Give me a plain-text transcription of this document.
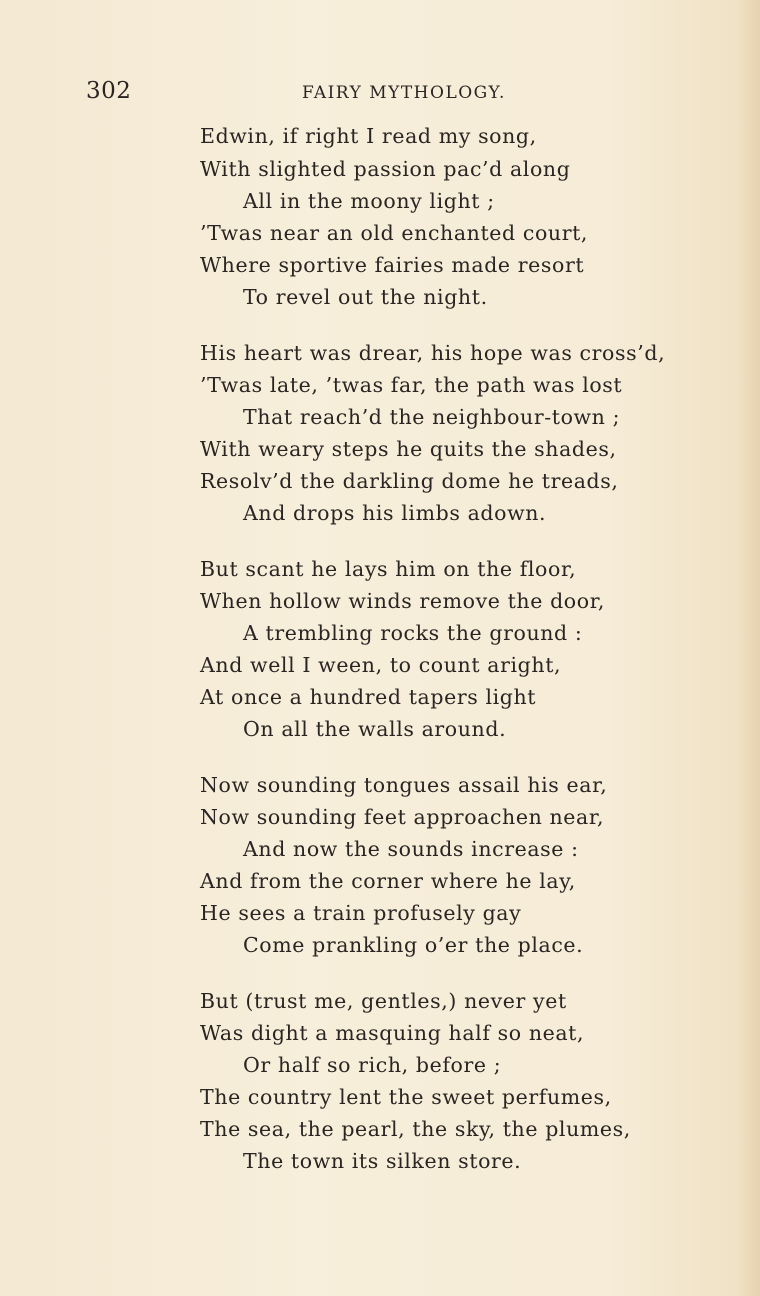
302	FAIRY MYTHOLOGY.
Edwin, if right I read my song,
With slighted passion pac’d along
All in the moony light ;
’Twas near an old enchanted court,
Where sportive fairies made resort
To revel out the night.
His heart was drear, his hope was cross’d,
’Twas late, ’twas far, the path was lost
That reach’d the neighbour-town ;
With weary steps he quits the shades,
Resolv’d the darkling dome he treads,
And drops his limbs adown.
But scant he lays him on the floor,
When hollow winds remove the door,
A trembling rocks the ground :
And well I ween, to count aright,
At once a hundred tapers light
On all the walls around.
Now sounding tongues assail his ear,
Now sounding feet approachen near,
And now the sounds increase :
And from the corner where he lay,
He sees a train profusely gay
Come prankling o’er the place.
But (trust me, gentles,) never yet
Was dight a masquing half so neat,
Or half so rich, before ;
The country lent the sweet perfumes,
The sea, the pearl, the sky, the plumes,
The town its silken store.
